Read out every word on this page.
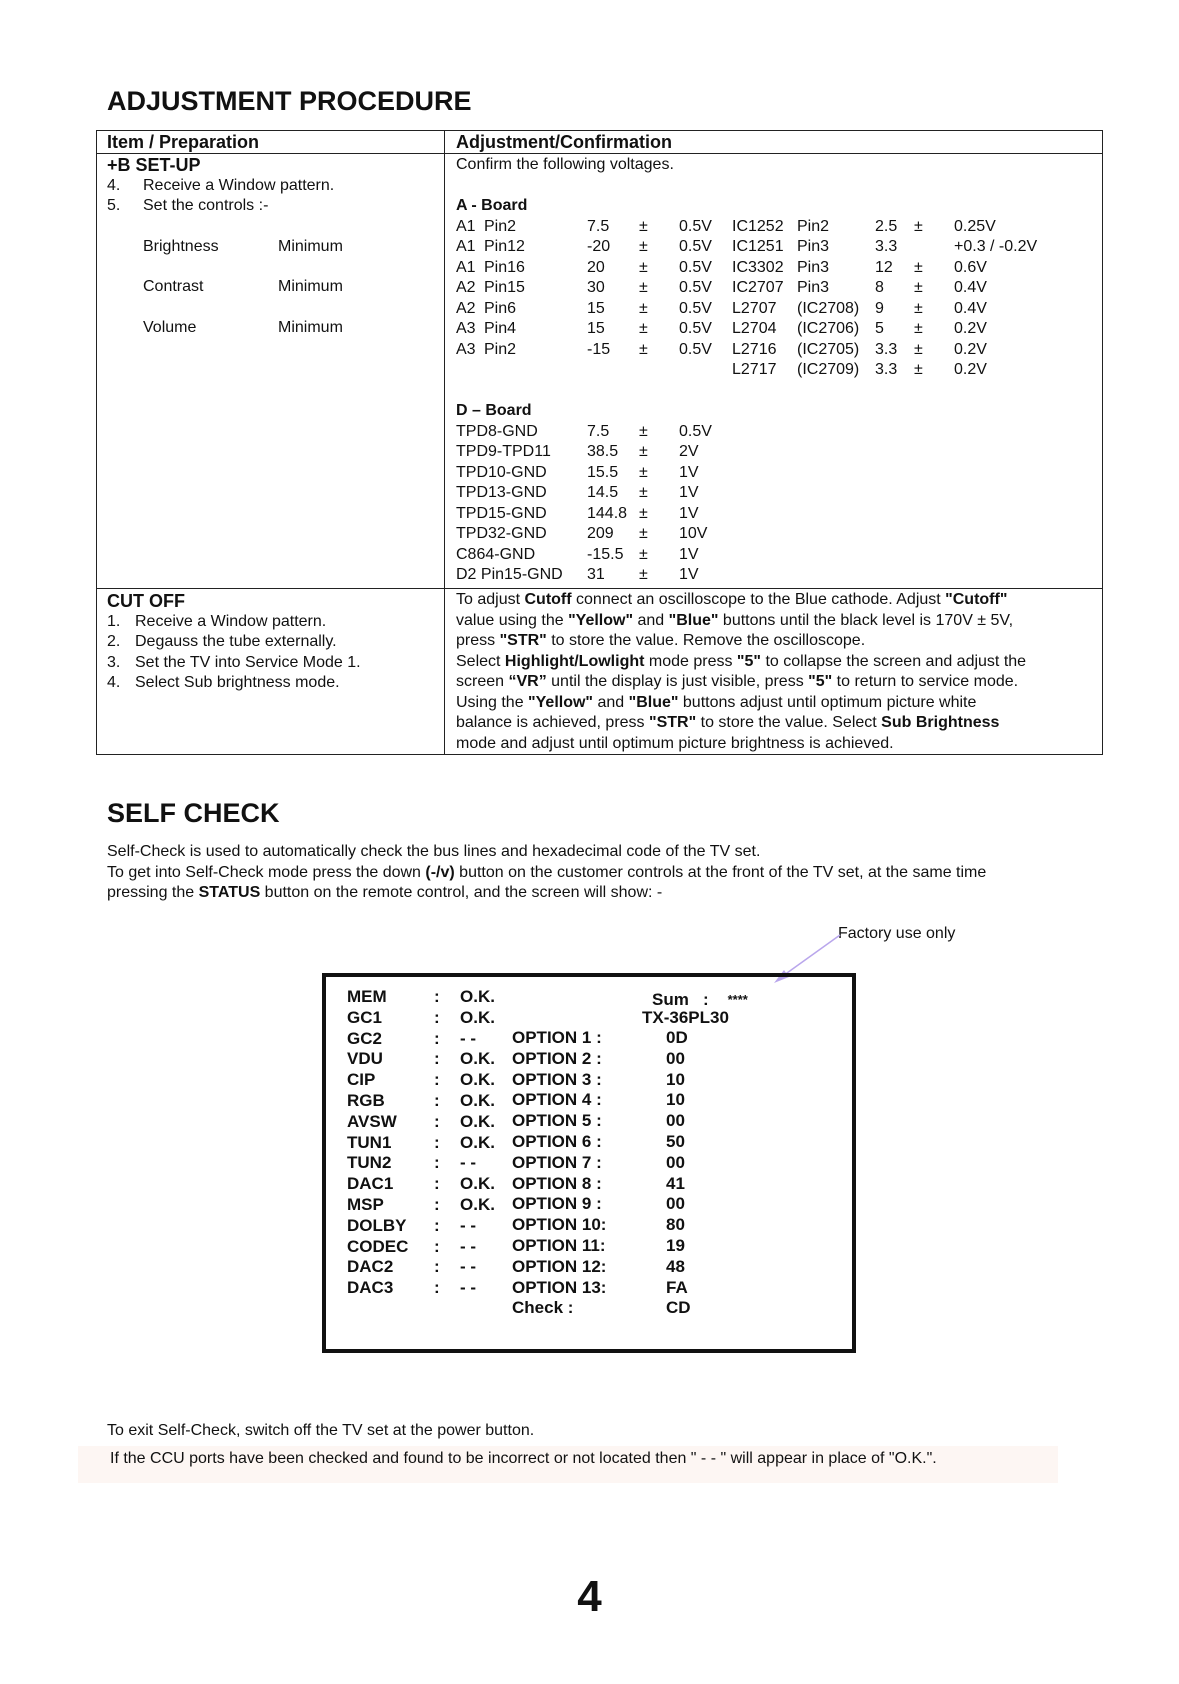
ADJUSTMENT PROCEDURE
Item / Preparation	Adjustment/Confirmation
+B SET-UP
4. Receive a Window pattern.
5. Set the controls :-
Brightness	Minimum
Contrast	Minimum
Volume	Minimum
Confirm the following voltages.
A - Board
A1 Pin2	7.5 ± 0.5V IC1252 Pin2	2.5 ± 0.25V
A1 Pin12	-20 ± 0.5V IC1251 Pin3	3.3	+0.3 / -0.2V
A1 Pin16	20 ± 0.5V IC3302 Pin3	12 ± 0.6V
A2 Pin15	30 ± 0.5V IC2707 Pin3	8 ± 0.4V
A2 Pin6	15 ± 0.5V L2707 (IC2708) 9 ± 0.4V
A3 Pin4	15 ± 0.5V L2704 (IC2706) 5 ± 0.2V
A3 Pin2	-15 ± 0.5V L2716 (IC2705) 3.3 ± 0.2V
L2717 (IC2709) 3.3 ± 0.2V
D – Board
TPD8-GND	7.5 ± 0.5V
TPD9-TPD11 38.5 ± 2V
TPD10-GND	15.5 ± 1V
TPD13-GND	14.5 ± 1V
TPD15-GND	144.8 ± 1V
TPD32-GND	209 ± 10V
C864-GND	-15.5 ± 1V
D2 Pin15-GND 31 ± 1V
CUT OFF
1. Receive a Window pattern.
2. Degauss the tube externally.
3. Set the TV into Service Mode 1.
4. Select Sub brightness mode.
To adjust Cutoff connect an oscilloscope to the Blue cathode. Adjust "Cutoff"
value using the "Yellow" and "Blue" buttons until the black level is 170V ± 5V,
press "STR" to store the value. Remove the oscilloscope.
Select Highlight/Lowlight mode press "5" to collapse the screen and adjust the
screen “VR” until the display is just visible, press "5" to return to service mode.
Using the "Yellow" and "Blue" buttons adjust until optimum picture white
balance is achieved, press "STR" to store the value. Select Sub Brightness
mode and adjust until optimum picture brightness is achieved.
SELF CHECK
Self-Check is used to automatically check the bus lines and hexadecimal code of the TV set.
To get into Self-Check mode press the down (-/v) button on the customer controls at the front of the TV set, at the same time
pressing the STATUS button on the remote control, and the screen will show: -
Factory use only
MEM	: O.K.
GC1	: O.K.
GC2	: - -
VDU	: O.K.
CIP	: O.K.
RGB	: O.K.
AVSW : O.K.
TUN1	: O.K.
TUN2	: - -
DAC1 : O.K.
MSP	: O.K.
DOLBY : - -
CODEC : - -
DAC2 : - -
DAC3 : - -
OPTION 1 :	0D
OPTION 2 :	00
OPTION 3 :	10
OPTION 4 :	10
OPTION 5 :	00
OPTION 6 :	50
OPTION 7 :	00
OPTION 8 :	41
OPTION 9 :	00
OPTION 10:	80
OPTION 11:	19
OPTION 12:	48
OPTION 13:	FA
Check :	CD
Sum : ****
TX-36PL30
To exit Self-Check, switch off the TV set at the power button.
If the CCU ports have been checked and found to be incorrect or not located then " - - " will appear in place of "O.K.".
4
